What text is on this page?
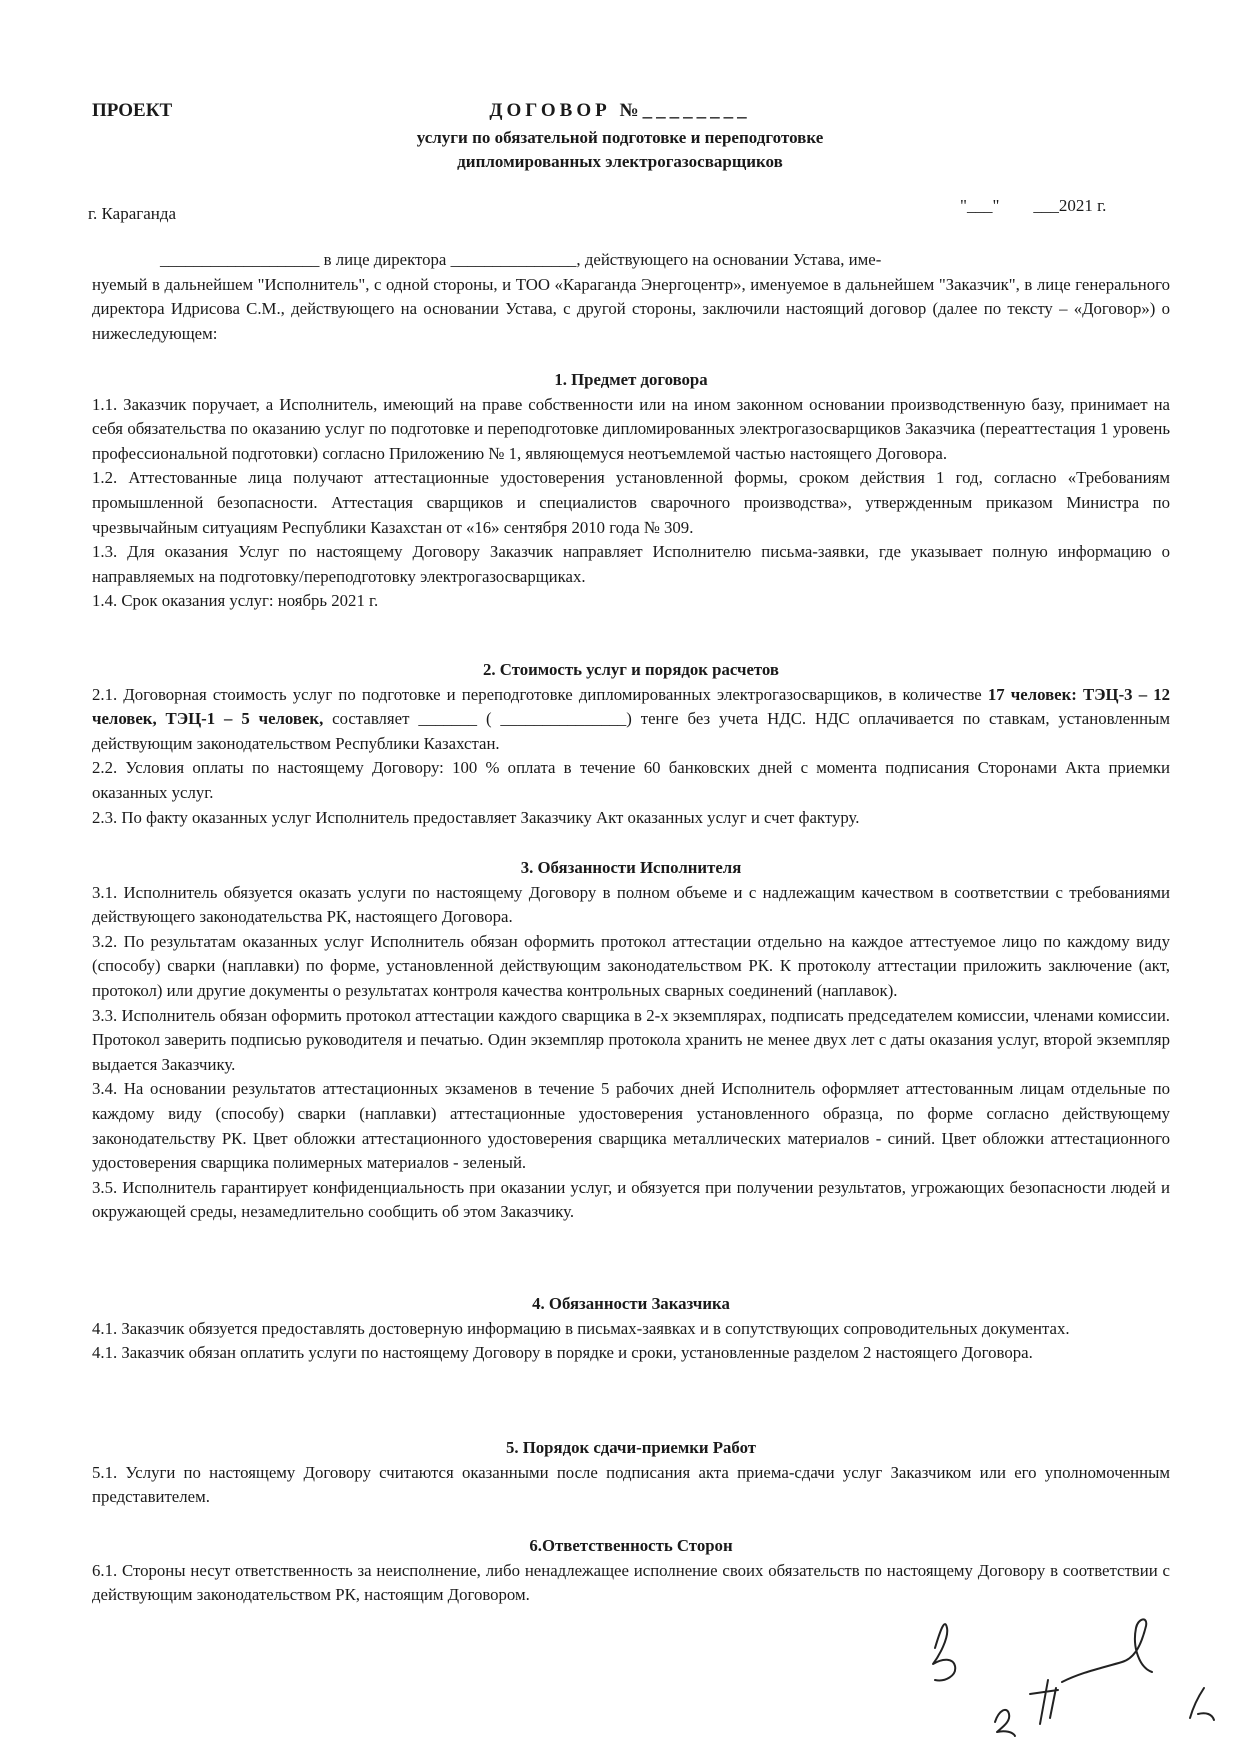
ПРОЕКТ	ДОГОВОР №________
услуги по обязательной подготовке и переподготовке
дипломированных электрогазосварщиков
г. Караганда	"___"        ___2021 г.

___________________ в лице директора _______________, действующего на основании Устава, име-

нуемый в дальнейшем "Исполнитель", с одной стороны, и ТОО «Караганда Энергоцентр», именуемое в дальнейшем "Заказчик", в лице генерального директора Идрисова С.М., действующего на основании Устава, с другой стороны, заключили настоящий договор (далее по тексту – «Договор») о нижеследующем:

1. Предмет договора

1.1. Заказчик поручает, а Исполнитель, имеющий на праве собственности или на ином законном основании производственную базу, принимает на себя обязательства по оказанию услуг по подготовке и переподготовке дипломированных электрогазосварщиков Заказчика (переаттестация 1 уровень профессиональной подготовки) согласно Приложению № 1, являющемуся неотъемлемой частью настоящего Договора.

1.2. Аттестованные лица получают аттестационные удостоверения установленной формы, сроком действия 1 год, согласно «Требованиям промышленной безопасности. Аттестация сварщиков и специалистов сварочного производства», утвержденным приказом Министра по чрезвычайным ситуациям Республики Казахстан от «16» сентября 2010 года № 309.

1.3. Для оказания Услуг по настоящему Договору Заказчик направляет Исполнителю письма-заявки, где указывает полную информацию о направляемых на подготовку/переподготовку электрогазосварщиках.

1.4. Срок оказания услуг: ноябрь 2021 г.

2. Стоимость услуг и порядок расчетов

2.1. Договорная стоимость услуг по подготовке и переподготовке дипломированных электрогазосварщиков, в количестве 17 человек: ТЭЦ-3 – 12 человек, ТЭЦ-1 – 5 человек, составляет _______ ( _______________) тенге без учета НДС. НДС оплачивается по ставкам, установленным действующим законодательством Республики Казахстан.

2.2. Условия оплаты по настоящему Договору: 100 % оплата в течение 60 банковских дней с момента подписания Сторонами Акта приемки оказанных услуг.

2.3. По факту оказанных услуг Исполнитель предоставляет Заказчику Акт оказанных услуг и счет фактуру.

3. Обязанности Исполнителя

3.1. Исполнитель обязуется оказать услуги по настоящему Договору в полном объеме и с надлежащим качеством в соответствии с требованиями действующего законодательства РК, настоящего Договора.

3.2. По результатам оказанных услуг Исполнитель обязан оформить протокол аттестации отдельно на каждое аттестуемое лицо по каждому виду (способу) сварки (наплавки) по форме, установленной действующим законодательством РК. К протоколу аттестации приложить заключение (акт, протокол) или другие документы о результатах контроля качества контрольных сварных соединений (наплавок).

3.3. Исполнитель обязан оформить протокол аттестации каждого сварщика в 2-х экземплярах, подписать председателем комиссии, членами комиссии. Протокол заверить подписью руководителя и печатью. Один экземпляр протокола хранить не менее двух лет с даты оказания услуг, второй экземпляр выдается Заказчику.

3.4. На основании результатов аттестационных экзаменов в течение 5 рабочих дней Исполнитель оформляет аттестованным лицам отдельные по каждому виду (способу) сварки (наплавки) аттестационные удостоверения установленного образца, по форме согласно действующему законодательству РК. Цвет обложки аттестационного удостоверения сварщика металлических материалов - синий. Цвет обложки аттестационного удостоверения сварщика полимерных материалов - зеленый.

3.5. Исполнитель гарантирует конфиденциальность при оказании услуг, и обязуется при получении результатов, угрожающих безопасности людей и окружающей среды, незамедлительно сообщить об этом Заказчику.

4. Обязанности Заказчика

4.1. Заказчик обязуется предоставлять достоверную информацию в письмах-заявках и в сопутствующих сопроводительных документах.

4.1. Заказчик обязан оплатить услуги по настоящему Договору в порядке и сроки, установленные разделом 2 настоящего Договора.

5. Порядок сдачи-приемки Работ

5.1. Услуги по настоящему Договору считаются оказанными после подписания акта приема-сдачи услуг Заказчиком или его уполномоченным представителем.

6.Ответственность Сторон

6.1. Стороны несут ответственность за неисполнение, либо ненадлежащее исполнение своих обязательств по настоящему Договору в соответствии с действующим законодательством РК, настоящим Договором.
